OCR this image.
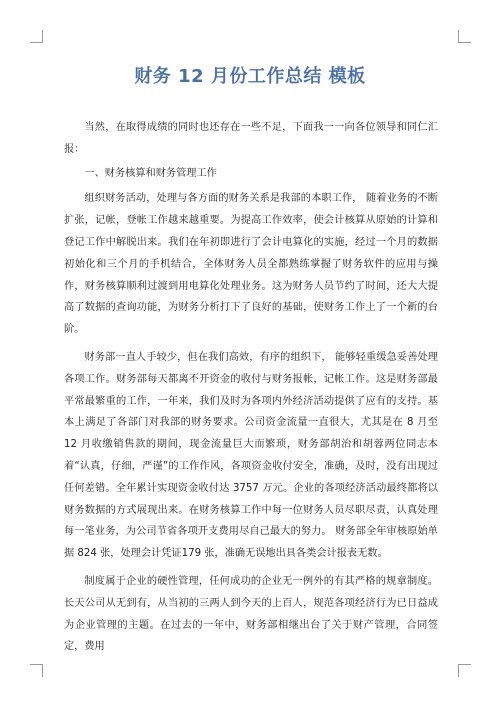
财务 12 月份工作总结 模板

当然，在取得成绩的同时也还存在一些不足，下面我一一向各位领导和同仁汇报：

一、财务核算和财务管理工作

组织财务活动，处理与各方面的财务关系是我部的本职工作， 随着业务的不断扩张，记帐，登帐工作越来越重要。为提高工作效率，使会计核算从原始的计算和登记工作中解脱出来。我们在年初即进行了会计电算化的实施，经过一个月的数据初始化和三个月的手机结合，全体财务人员全都熟练掌握了财务软件的应用与操作，财务核算顺利过渡到用电算化处理业务。这为财务人员节约了时间，还大大提高了数据的查询功能，为财务分析打下了良好的基础，使财务工作上了一个新的台阶。

财务部一直人手较少，但在我们高效，有序的组织下， 能够轻重缓急妥善处理各项工作。财务部每天都离不开资金的收付与财务报帐，记帐工作。这是财务部最平常最繁重的工作，一年来，我们及时为各项内外经济活动提供了应有的支持。基本上满足了各部门对我部的财务要求。公司资金流量一直很大，尤其是在 8 月至 12 月收缴销售款的期间，现金流量巨大而繁琐，财务部胡治和胡蓉两位同志本着“认真，仔细，严谨”的工作作风，各项资金收付安全，准确，及时，没有出现过任何差错。全年累计实现资金收付达 3757 万元。企业的各项经济活动最终都将以财务数据的方式展现出来。在财务核算工作中每一位财务人员尽职尽责，认真处理每一笔业务，为公司节省各项开支费用尽自己最大的努力。 财务部全年审核原始单据 824 张，处理会计凭证179 张，准确无误地出具各类会计报表无数。

制度属于企业的硬性管理，任何成功的企业无一例外的有其严格的规章制度。长天公司从无到有，从当初的三两人到今天的上百人，规范各项经济行为已日益成为企业管理的主题。在过去的一年中，财务部相继出台了关于财产管理，合同签定，费用
